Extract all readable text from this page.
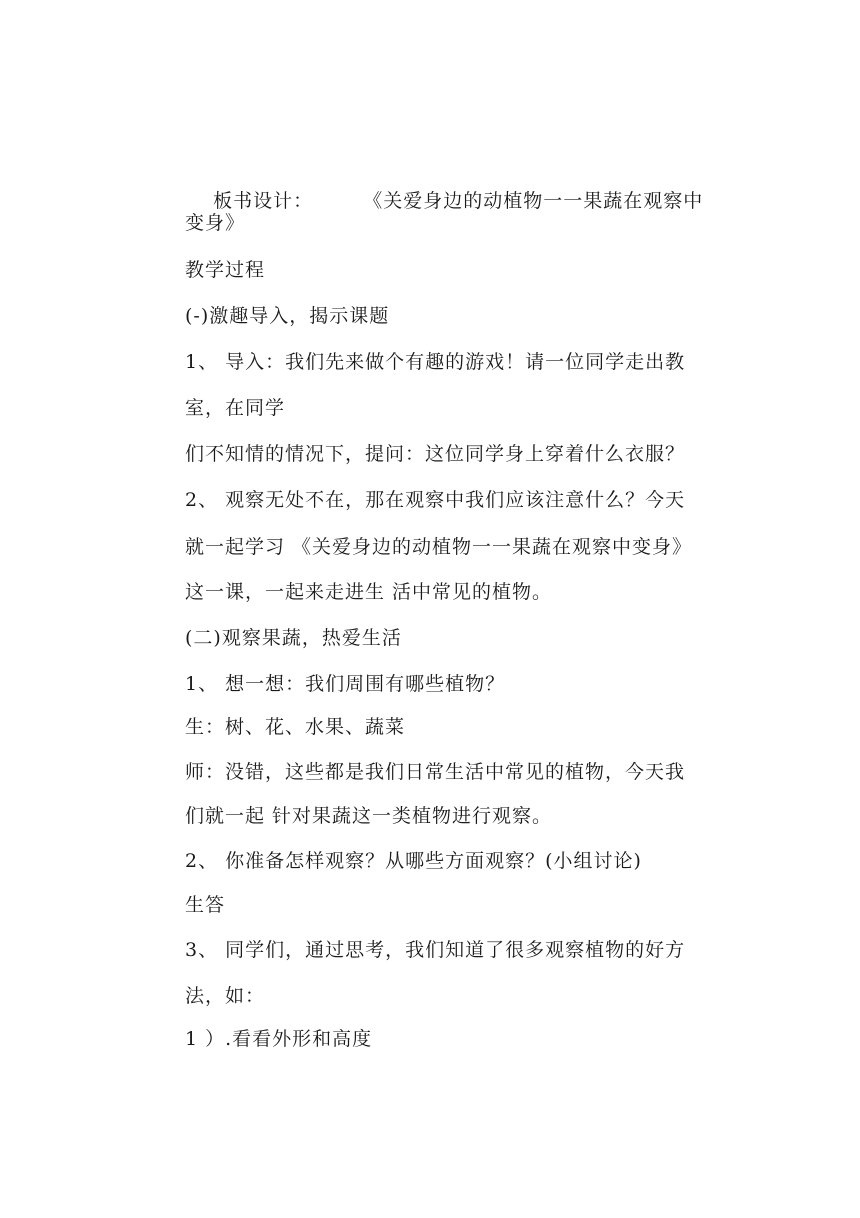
板书设计：	《关爱身边的动植物一一果蔬在观察中

变身》
教学过程
(-)激趣导入，揭示课题
1、 导入：我们先来做个有趣的游戏！请一位同学走出教
室，在同学
们不知情的情况下，提问：这位同学身上穿着什么衣服？
2、 观察无处不在，那在观察中我们应该注意什么？今天
就一起学习 《关爱身边的动植物一一果蔬在观察中变身》
这一课，一起来走进生 活中常见的植物。
(二)观察果蔬，热爱生活
1、 想一想：我们周围有哪些植物？
生：树、花、水果、蔬菜
师：没错，这些都是我们日常生活中常见的植物，今天我
们就一起 针对果蔬这一类植物进行观察。
2、 你准备怎样观察？从哪些方面观察？(小组讨论)
生答
3、 同学们，通过思考，我们知道了很多观察植物的好方
法，如：
1 ）.看看外形和高度
